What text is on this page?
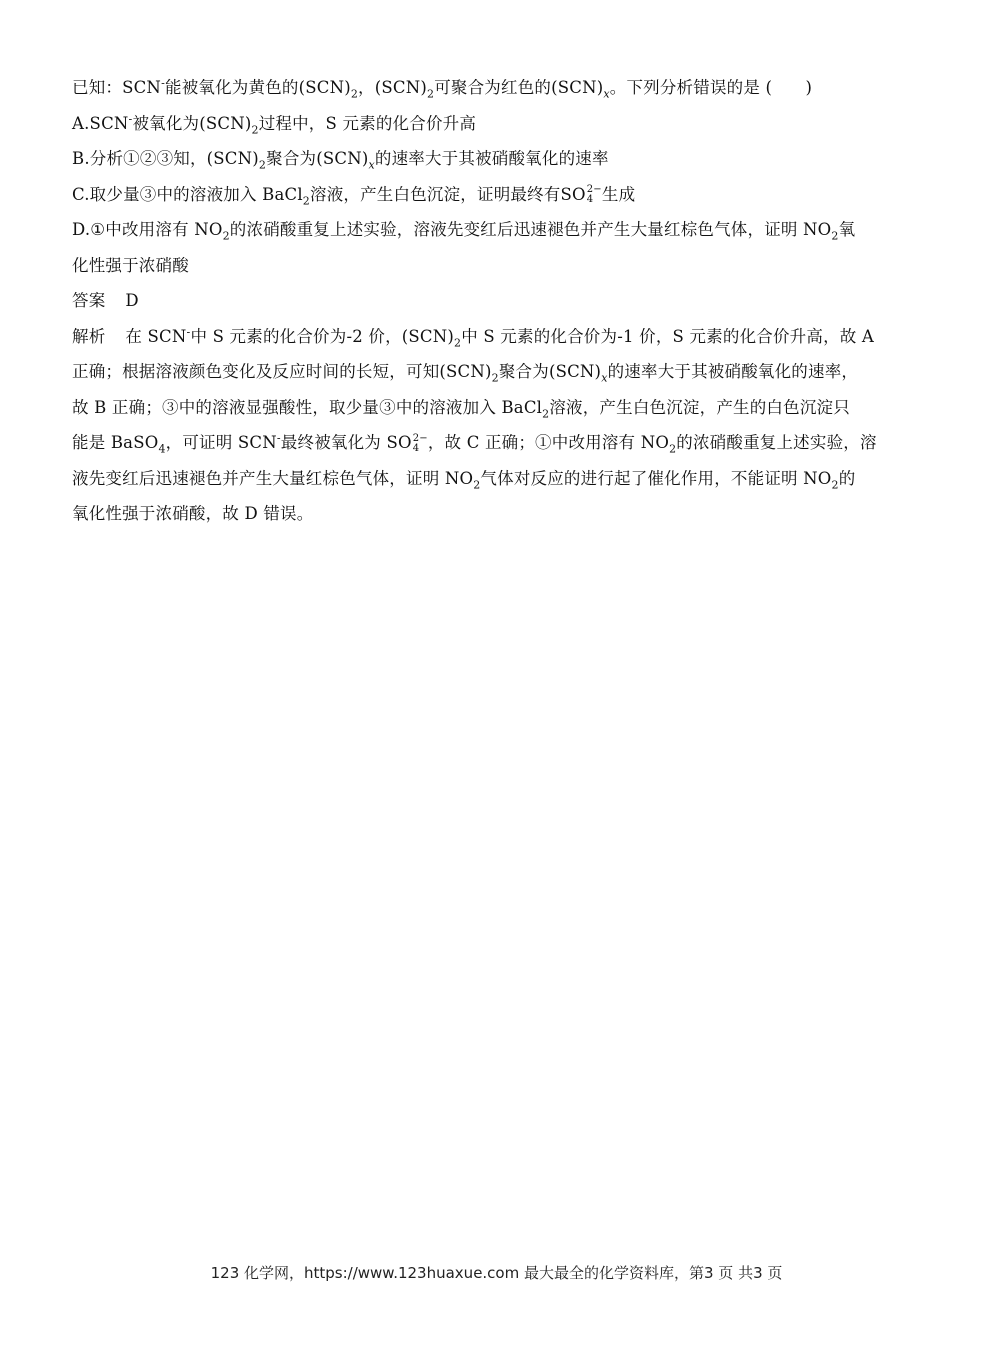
已知：SCN-能被氧化为黄色的$(SCN)_2$，$(SCN)_2$可聚合为红色的$(SCN)_x$。下列分析错误的是 (　　)
A.SCN-被氧化为$(SCN)_2$过程中，S 元素的化合价升高
B.分析①②③知，$(SCN)_2$聚合为$(SCN)_x$的速率大于其被硝酸氧化的速率
C.取少量③中的溶液加入 BaCl$_2$溶液，产生白色沉淀，证明最终有SO 2−
4 生成
D.①中改用溶有 $NO_2$的浓硝酸重复上述实验，溶液先变红后迅速褪色并产生大量红棕色气体，证明 $NO_2$氧
化性强于浓硝酸
答案 D
解析 在 SCN-中 S 元素的化合价为-2 价，$(SCN)_2$中 S 元素的化合价为-1 价，S 元素的化合价升高，故 A
正确；根据溶液颜色变化及反应时间的长短，可知$(SCN)_2$聚合为$(SCN)_x$的速率大于其被硝酸氧化的速率，
故 B 正确；③中的溶液显强酸性，取少量③中的溶液加入 BaCl$_2$溶液，产生白色沉淀，产生的白色沉淀只
能是 BaSO$_4$，可证明 SCN-最终被氧化为 SO 2−
4 ，故 C 正确；①中改用溶有 $NO_2$的浓硝酸重复上述实验，溶
液先变红后迅速褪色并产生大量红棕色气体，证明 $NO_2$气体对反应的进行起了催化作用，不能证明 $NO_2$的
氧化性强于浓硝酸，故 D 错误。
123 化学网，https://www.123huaxue.com 最大最全的化学资料库，第3 页 共3 页
